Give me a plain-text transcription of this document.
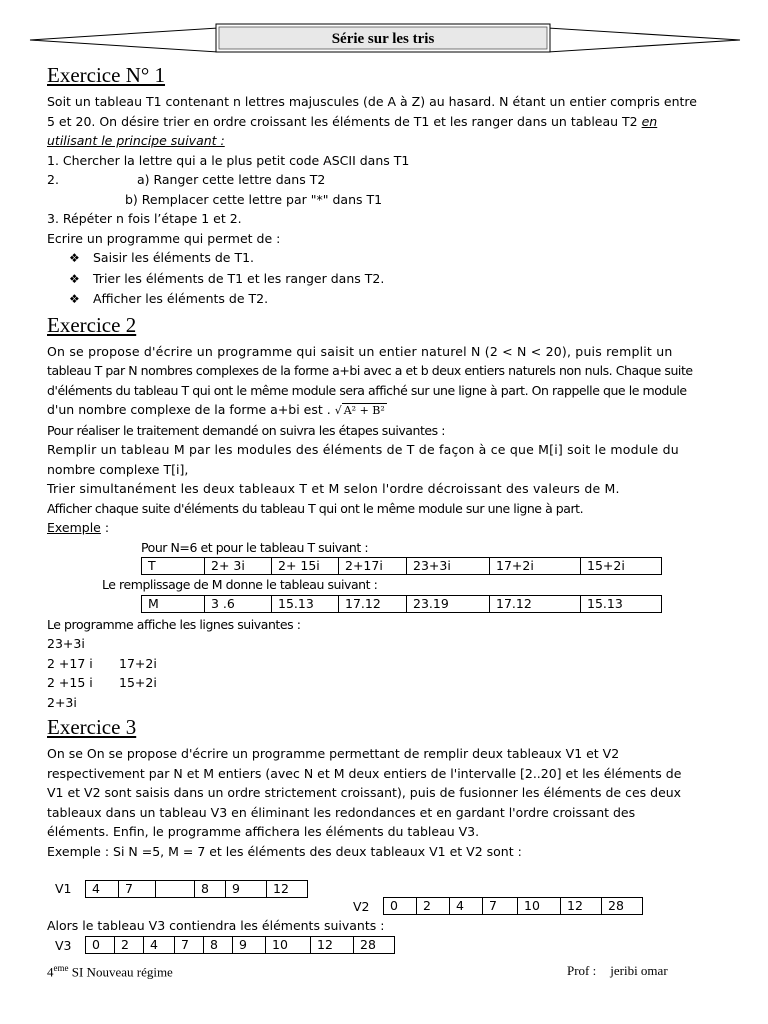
Série sur les tris
Exercice N° 1

Soit un tableau T1 contenant n lettres majuscules (de A à Z) au hasard. N étant un entier compris entre

5 et 20. On désire trier en ordre croissant les éléments de T1 et les ranger dans un tableau T2 en

utilisant le principe suivant :

1. Chercher la lettre qui a le plus petit code ASCII dans T1

2.	a) Ranger cette lettre dans T2

b) Remplacer cette lettre par "*" dans T1

3. Répéter n fois l’étape 1 et 2.

Ecrire un programme qui permet de :

❖ Saisir les éléments de T1.

❖ Trier les éléments de T1 et les ranger dans T2.

❖ Afficher les éléments de T2.

Exercice 2

On se propose d'écrire un programme qui saisit un entier naturel N (2 < N < 20), puis remplit un

tableau T par N nombres complexes de la forme a+bi avec a et b deux entiers naturels non nuls. Chaque suite

d'éléments du tableau T qui ont le même module sera affiché sur une ligne à part. On rappelle que le module

d'un nombre complexe de la forme a+bi est . √ A² + B²

Pour réaliser le traitement demandé on suivra les étapes suivantes :

Remplir un tableau M par les modules des éléments de T de façon à ce que M[i] soit le module du

nombre complexe T[i],

Trier simultanément les deux tableaux T et M selon l'ordre décroissant des valeurs de M.

Afficher chaque suite d'éléments du tableau T qui ont le même module sur une ligne à part.

Exemple :

Pour N=6 et pour le tableau T suivant :

T	2+ 3i	2+ 15i	2+17i	23+3i	17+2i	15+2i

Le remplissage de M donne le tableau suivant :

M	3 .6	15.13	17.12	23.19	17.12	15.13

Le programme affiche les lignes suivantes :

23+3i

2 +17 i 17+2i

2 +15 i 15+2i

2+3i

Exercice 3

On se On se propose d'écrire un programme permettant de remplir deux tableaux V1 et V2

respectivement par N et M entiers (avec N et M deux entiers de l'intervalle [2..20] et les éléments de

V1 et V2 sont saisis dans un ordre strictement croissant), puis de fusionner les éléments de ces deux

tableaux dans un tableau V3 en éliminant les redondances et en gardant l'ordre croissant des

éléments. Enfin, le programme affichera les éléments du tableau V3.

Exemple : Si N =5, M = 7 et les éléments des deux tableaux V1 et V2 sont :

V1	4	7		8	9	12
V2	0	2	4	7	10	12	28

Alors le tableau V3 contiendra les éléments suivants :

V3	0	2	4	7	8	9	10	12	28
4eme SI Nouveau régime	Prof : jeribi omar
